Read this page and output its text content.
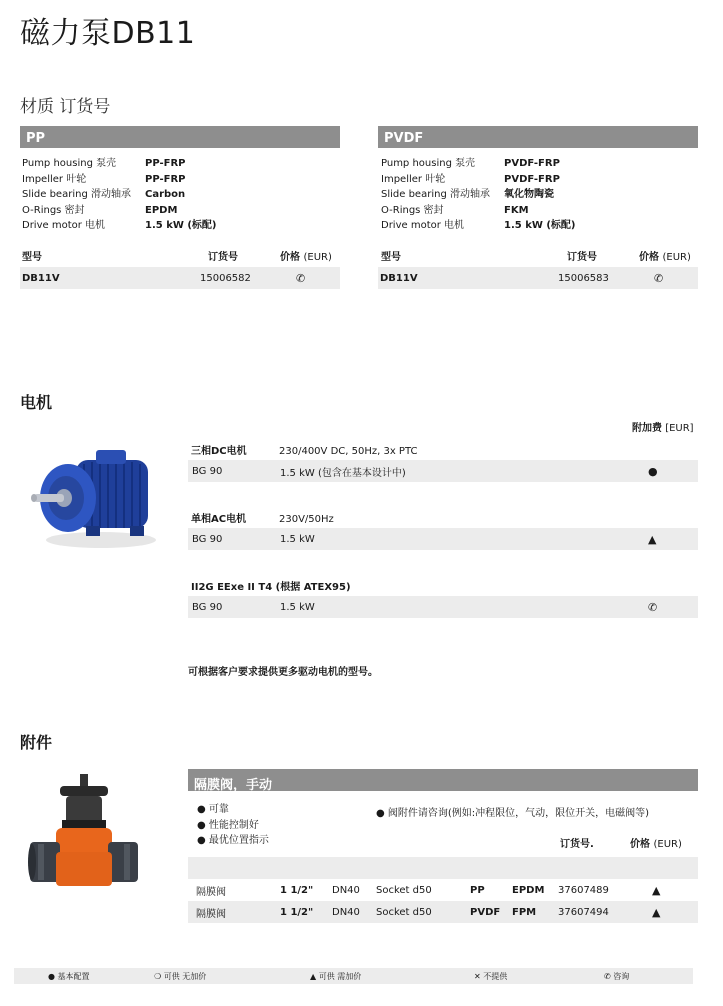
磁力泵DB11
材质 订货号
PP
Pump housing 泵壳	PP-FRP
Impeller 叶轮	PP-FRP
Slide bearing 滑动轴承	Carbon
O-Rings 密封	EPDM
Drive motor 电机	1.5 kW (标配)
型号	订货号	价格 (EUR)
DB11V	15006582	✆
PVDF
Pump housing 泵壳	PVDF-FRP
Impeller 叶轮	PVDF-FRP
Slide bearing 滑动轴承	氧化物陶瓷
O-Rings 密封	FKM
Drive motor 电机	1.5 kW (标配)
型号	订货号	价格 (EUR)
DB11V	15006583	✆
电机
附加费 [EUR]
三相DC电机	230/400V DC, 50Hz, 3x PTC
BG 90	1.5 kW (包含在基本设计中)	●
单相AC电机	230V/50Hz
BG 90	1.5 kW	▲
II2G EExe II T4 (根据 ATEX95)
BG 90	1.5 kW	✆
可根据客户要求提供更多驱动电机的型号。
附件
隔膜阀，手动
● 可靠
● 性能控制好
● 最优位置指示
● 阀附件请咨询(例如:冲程限位，气动，限位开关，电磁阀等)
订货号.	价格 (EUR)
隔膜阀	1 1/2"	DN40	Socket d50	PP	EPDM	37607489	▲
隔膜阀	1 1/2"	DN40	Socket d50	PVDF	FPM	37607494	▲
● 基本配置	❍ 可供 无加价	▲ 可供 需加价	✕ 不提供	✆ 咨询
